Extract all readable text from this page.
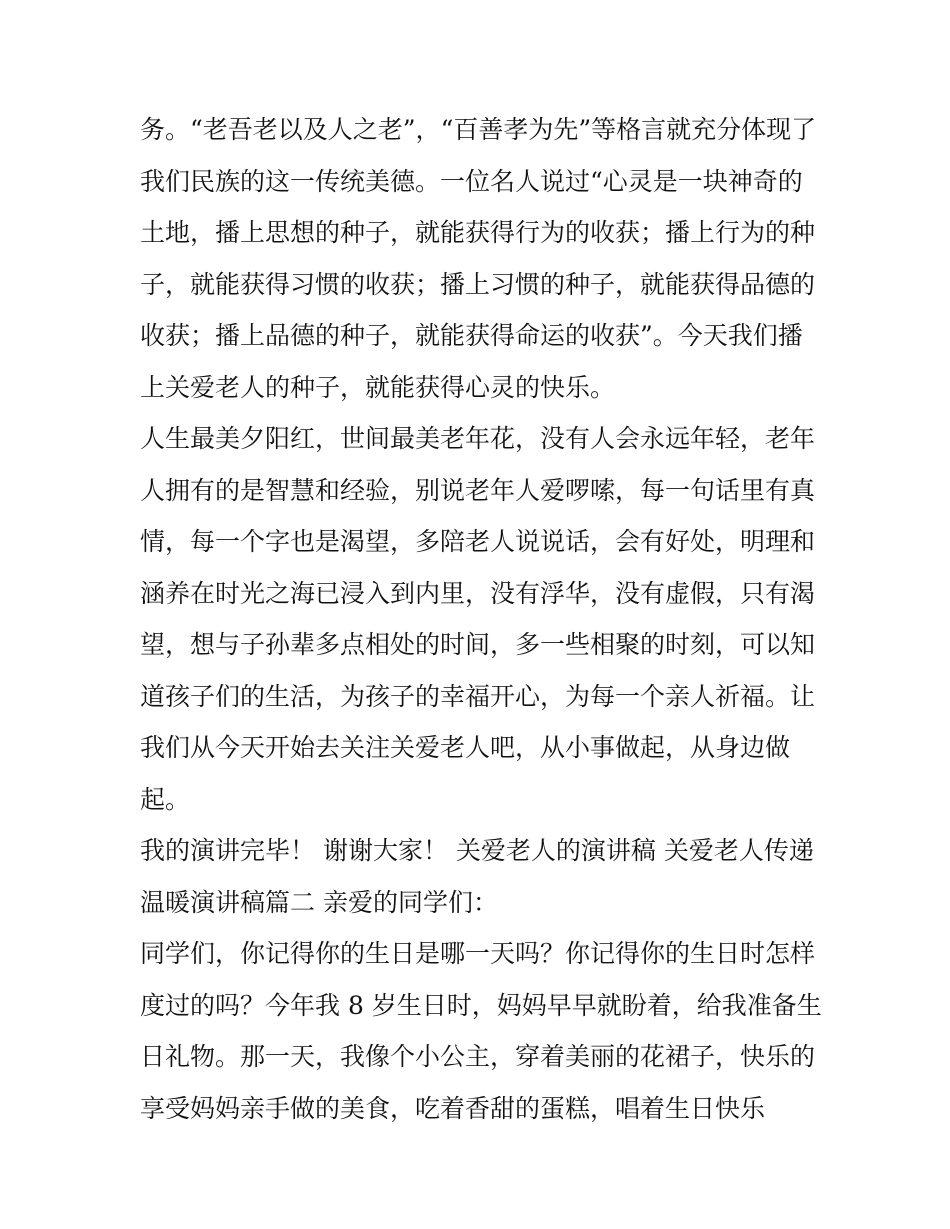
务。“老吾老以及人之老”，“百善孝为先”等格言就充分体现了
我们民族的这一传统美德。一位名人说过“心灵是一块神奇的
土地，播上思想的种子，就能获得行为的收获；播上行为的种
子，就能获得习惯的收获；播上习惯的种子，就能获得品德的
收获；播上品德的种子，就能获得命运的收获”。今天我们播
上关爱老人的种子，就能获得心灵的快乐。
人生最美夕阳红，世间最美老年花，没有人会永远年轻，老年
人拥有的是智慧和经验，别说老年人爱啰嗦，每一句话里有真
情，每一个字也是渴望，多陪老人说说话，会有好处，明理和
涵养在时光之海已浸入到内里，没有浮华，没有虚假，只有渴
望，想与子孙辈多点相处的时间，多一些相聚的时刻，可以知
道孩子们的生活，为孩子的幸福开心，为每一个亲人祈福。让
我们从今天开始去关注关爱老人吧，从小事做起，从身边做
起。
我的演讲完毕！ 谢谢大家！ 关爱老人的演讲稿 关爱老人传递
温暖演讲稿篇二 亲爱的同学们：
同学们，你记得你的生日是哪一天吗？你记得你的生日时怎样
度过的吗？今年我 8 岁生日时，妈妈早早就盼着，给我准备生
日礼物。那一天，我像个小公主，穿着美丽的花裙子，快乐的
享受妈妈亲手做的美食，吃着香甜的蛋糕，唱着生日快乐
